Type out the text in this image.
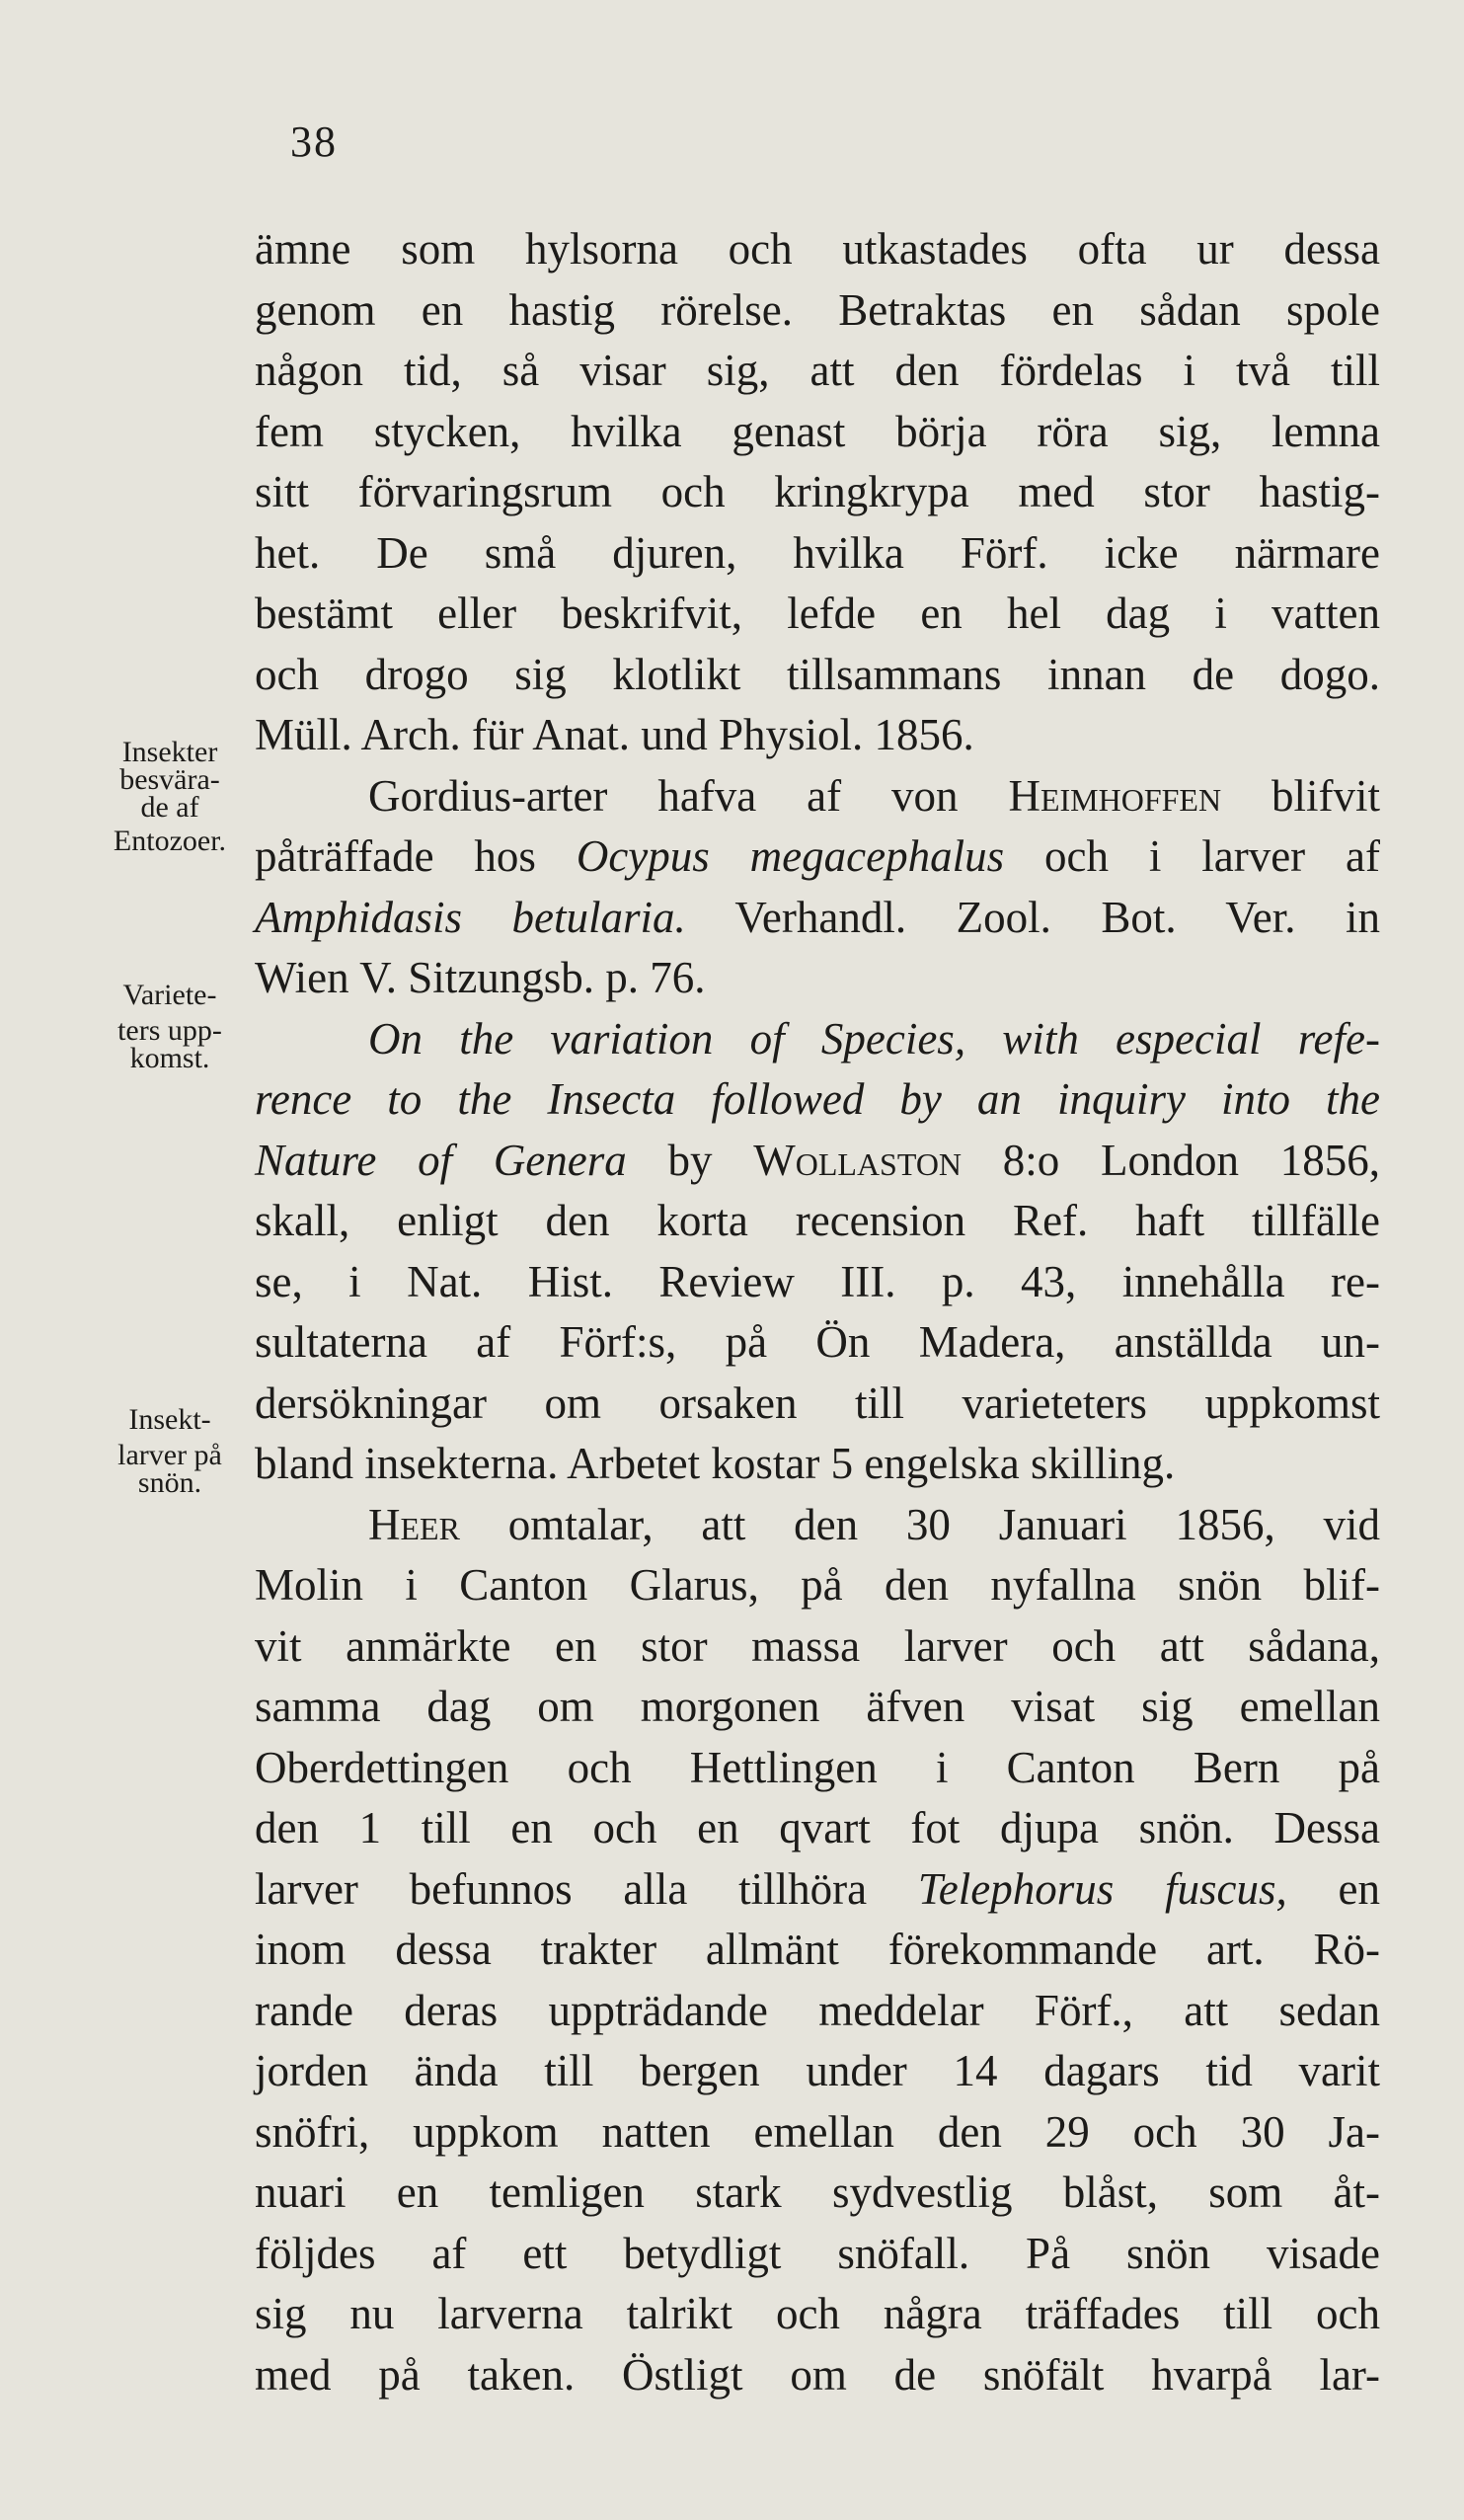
38
Insekter
besvära-
de af
Entozoer.
Variete-
ters upp-
komst.
Insekt-
larver på
snön.
ämne som hylsorna och utkastades ofta ur dessa
genom en hastig rörelse. Betraktas en sådan spole
någon tid, så visar sig, att den fördelas i två till
fem stycken, hvilka genast börja röra sig, lemna
sitt förvaringsrum och kringkrypa med stor hastig-
het. De små djuren, hvilka Förf. icke närmare
bestämt eller beskrifvit, lefde en hel dag i vatten
och drogo sig klotlikt tillsammans innan de dogo.
Müll. Arch. für Anat. und Physiol. 1856.
Gordius-arter hafva af von Heimhoffen blifvit
påträffade hos Ocypus megacephalus och i larver af
Amphidasis betularia. Verhandl. Zool. Bot. Ver. in
Wien V. Sitzungsb. p. 76.
On the variation of Species, with especial refe-
rence to the Insecta followed by an inquiry into the
Nature of Genera by Wollaston 8:o London 1856,
skall, enligt den korta recension Ref. haft tillfälle
se, i Nat. Hist. Review III. p. 43, innehålla re-
sultaterna af Förf:s, på Ön Madera, anställda un-
dersökningar om orsaken till varieteters uppkomst
bland insekterna. Arbetet kostar 5 engelska skilling.
Heer omtalar, att den 30 Januari 1856, vid
Molin i Canton Glarus, på den nyfallna snön blif-
vit anmärkte en stor massa larver och att sådana,
samma dag om morgonen äfven visat sig emellan
Oberdettingen och Hettlingen i Canton Bern på
den 1 till en och en qvart fot djupa snön. Dessa
larver befunnos alla tillhöra Telephorus fuscus, en
inom dessa trakter allmänt förekommande art. Rö-
rande deras uppträdande meddelar Förf., att sedan
jorden ända till bergen under 14 dagars tid varit
snöfri, uppkom natten emellan den 29 och 30 Ja-
nuari en temligen stark sydvestlig blåst, som åt-
följdes af ett betydligt snöfall. På snön visade
sig nu larverna talrikt och några träffades till och
med på taken. Östligt om de snöfält hvarpå lar-
